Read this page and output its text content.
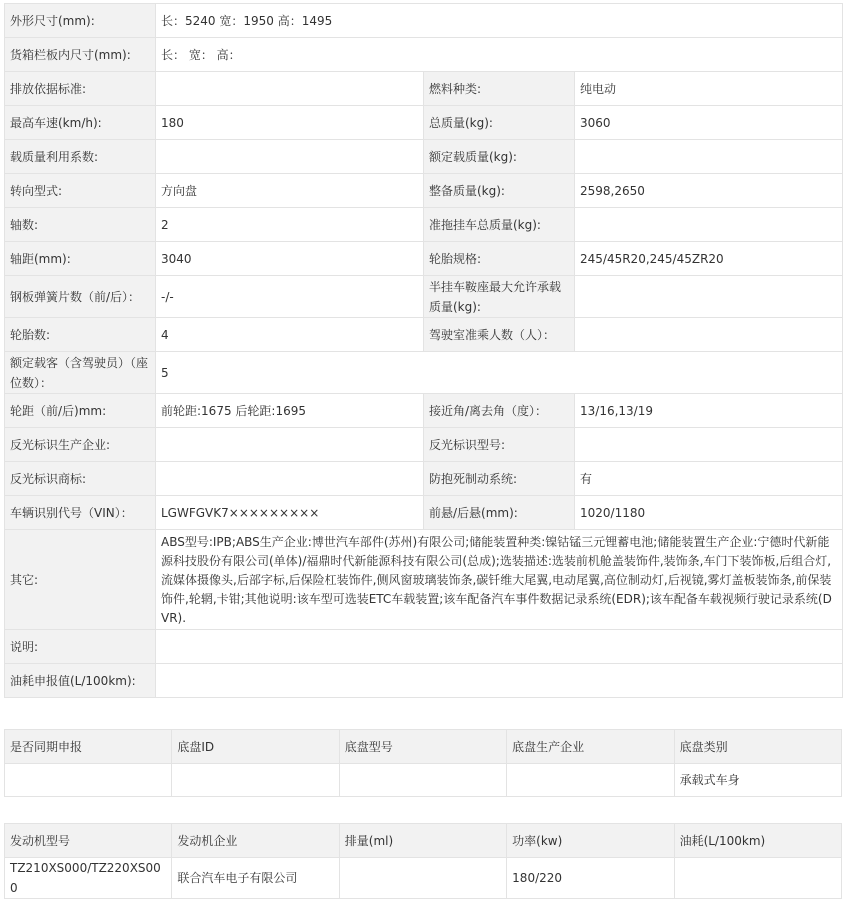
外形尺寸(mm):	长：5240 宽：1950 高：1495		
货箱栏板内尺寸(mm):	长： 宽： 高：		
排放依据标准:		燃料种类:	纯电动
最高车速(km/h):	180	总质量(kg):	3060
载质量利用系数:		额定载质量(kg):	
转向型式:	方向盘	整备质量(kg):	2598,2650
轴数:	2	准拖挂车总质量(kg):	
轴距(mm):	3040	轮胎规格:	245/45R20,245/45ZR20
钢板弹簧片数（前/后）：	-/-	半挂车鞍座最大允许承载质量(kg):	
轮胎数:	4	驾驶室准乘人数（人）：	
额定载客（含驾驶员）（座位数）：	5		
轮距（前/后)mm:	前轮距:1675 后轮距:1695	接近角/离去角（度）：	13/16,13/19
反光标识生产企业:		反光标识型号:	
反光标识商标:		防抱死制动系统:	有
车辆识别代号（VIN）：	LGWFGVK7×××××××××	前悬/后悬(mm):	1020/1180
其它:	ABS型号:IPB;ABS生产企业:博世汽车部件(苏州)有限公司;储能装置种类:镍钴锰三元锂蓄电池;储能装置生产企业:宁德时代新能源科技股份有限公司(单体)/福鼎时代新能源科技有限公司(总成);选装描述:选装前机舱盖装饰件,装饰条,车门下装饰板,后组合灯,流媒体摄像头,后部字标,后保险杠装饰件,侧风窗玻璃装饰条,碳钎维大尾翼,电动尾翼,高位制动灯,后视镜,雾灯盖板装饰条,前保装饰件,轮辋,卡钳;其他说明:该车型可选装ETC车载装置;该车配备汽车事件数据记录系统(EDR);该车配备车载视频行驶记录系统(DVR).		
说明:			
油耗申报值(L/100km):			
是否同期申报	底盘ID	底盘型号	底盘生产企业	底盘类别
				承载式车身
发动机型号	发动机企业	排量(ml)	功率(kw)	油耗(L/100km)
TZ210XS000/TZ220XS000	联合汽车电子有限公司		180/220	
